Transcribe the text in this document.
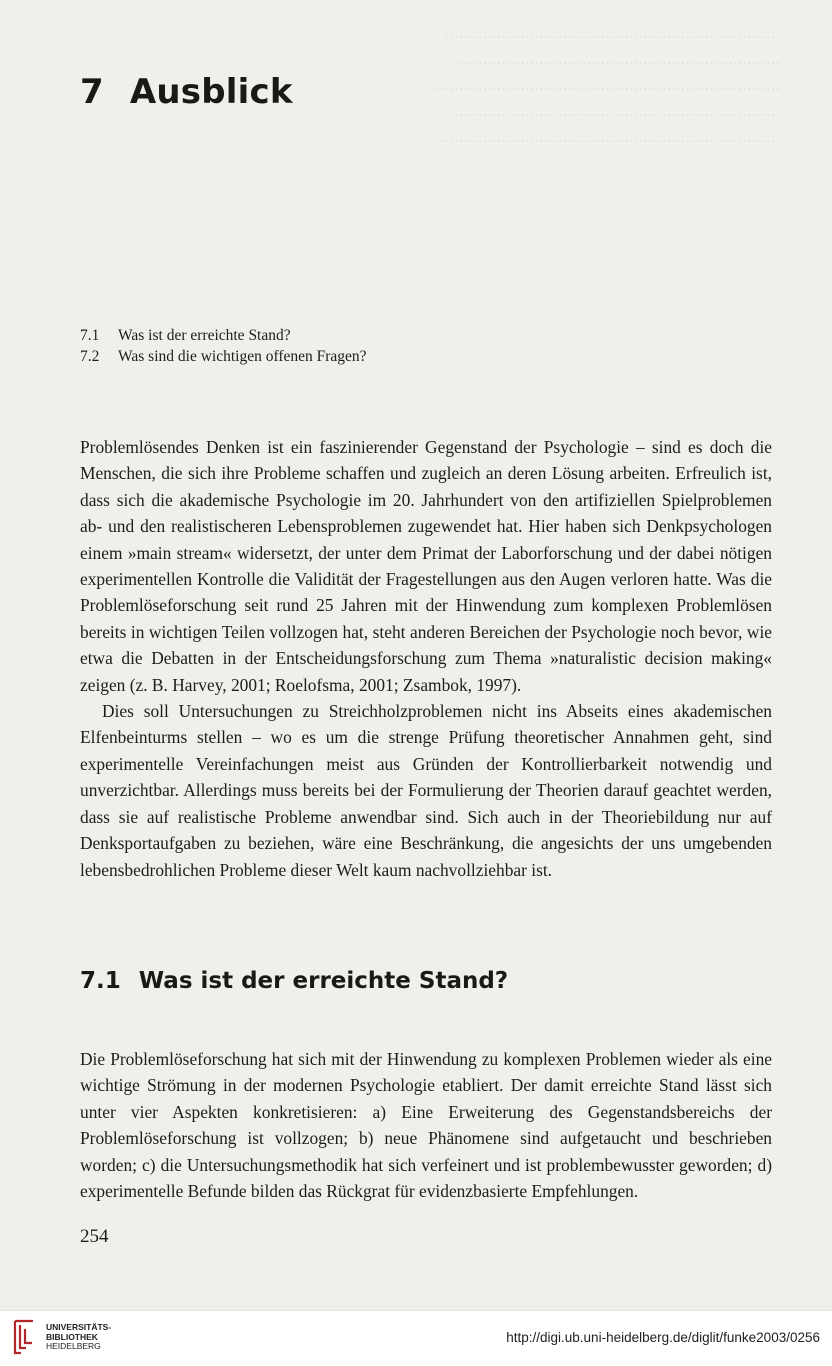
.......................................................................
....................................................................
.........................................................................
.....................................................................
........................................................................
7 Ausblick
7.1 Was ist der erreichte Stand?
7.2 Was sind die wichtigen offenen Fragen?

Problemlösendes Denken ist ein faszinierender Gegenstand der Psychologie – sind es doch die Menschen, die sich ihre Probleme schaffen und zugleich an deren Lösung arbeiten. Erfreulich ist, dass sich die akademische Psychologie im 20. Jahrhundert von den artifiziellen Spielproblemen ab- und den realistischeren Lebensproblemen zugewendet hat. Hier haben sich Denkpsychologen einem »main stream« widersetzt, der unter dem Primat der Laborforschung und der dabei nötigen experimentellen Kontrolle die Validität der Fragestellungen aus den Augen verloren hatte. Was die Problemlöseforschung seit rund 25 Jahren mit der Hinwendung zum komplexen Problemlösen bereits in wichtigen Teilen vollzogen hat, steht anderen Bereichen der Psychologie noch bevor, wie etwa die Debatten in der Entscheidungsforschung zum Thema »naturalistic decision making« zeigen (z. B. Harvey, 2001; Roelofsma, 2001; Zsambok, 1997).

Dies soll Untersuchungen zu Streichholzproblemen nicht ins Abseits eines akademischen Elfenbeinturms stellen – wo es um die strenge Prüfung theoretischer Annahmen geht, sind experimentelle Vereinfachungen meist aus Gründen der Kontrollierbarkeit notwendig und unverzichtbar. Allerdings muss bereits bei der Formulierung der Theorien darauf geachtet werden, dass sie auf realistische Probleme anwendbar sind. Sich auch in der Theoriebildung nur auf Denksportaufgaben zu beziehen, wäre eine Beschränkung, die angesichts der uns umgebenden lebensbedrohlichen Probleme dieser Welt kaum nachvollziehbar ist.

7.1 Was ist der erreichte Stand?

Die Problemlöseforschung hat sich mit der Hinwendung zu komplexen Problemen wieder als eine wichtige Strömung in der modernen Psychologie etabliert. Der damit erreichte Stand lässt sich unter vier Aspekten konkretisieren: a) Eine Erweiterung des Gegenstandsbereichs der Problemlöseforschung ist vollzogen; b) neue Phänomene sind aufgetaucht und beschrieben worden; c) die Untersuchungsmethodik hat sich verfeinert und ist problembewusster geworden; d) experimentelle Befunde bilden das Rückgrat für evidenzbasierte Empfehlungen.

254
UNIVERSITÄTS-
BIBLIOTHEK
HEIDELBERG
http://digi.ub.uni-heidelberg.de/diglit/funke2003/0256
